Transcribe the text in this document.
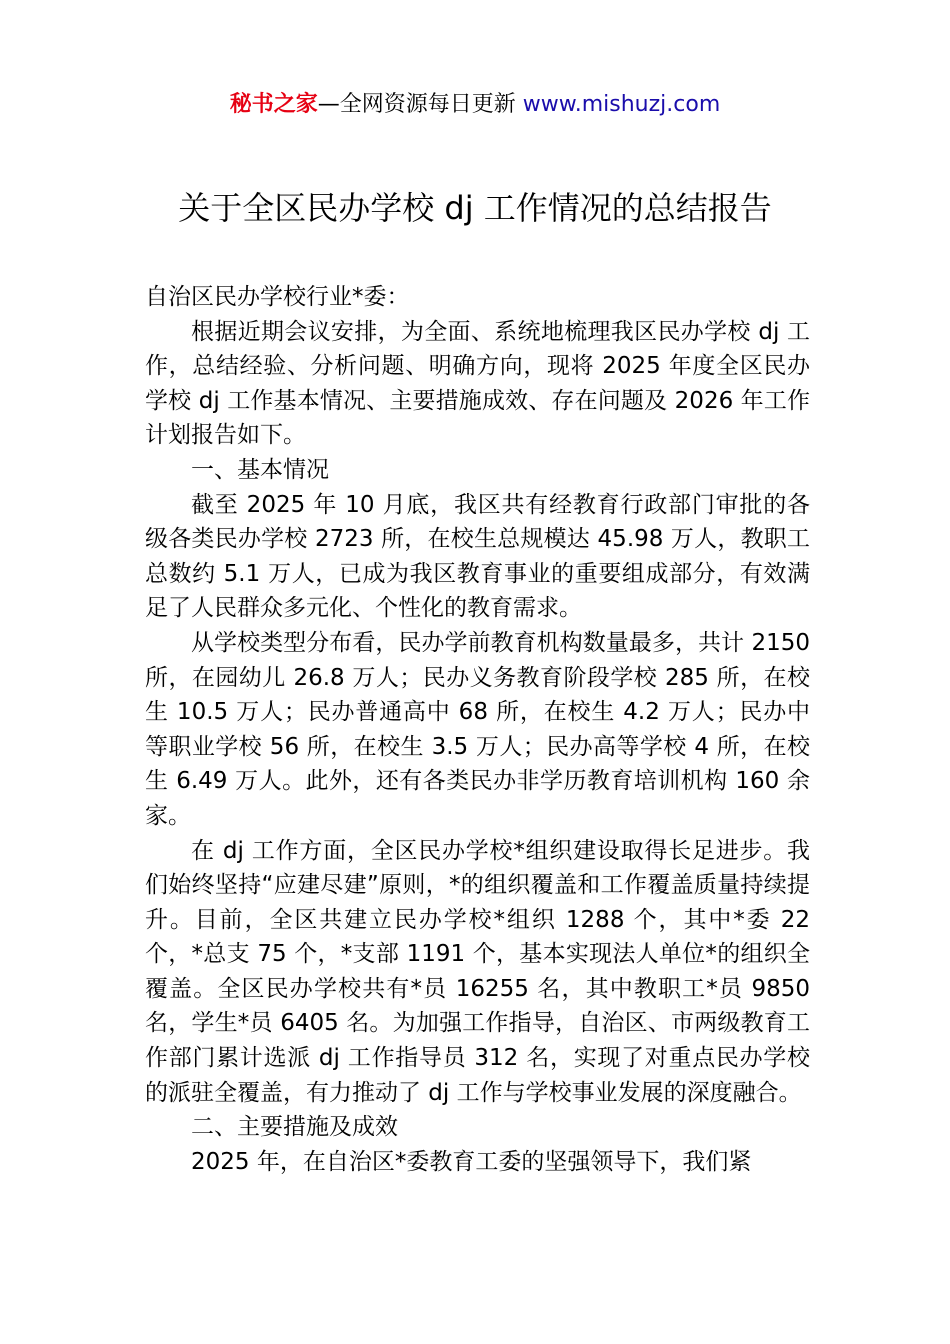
秘书之家—全网资源每日更新 www.mishuzj.com
关于全区民办学校 dj 工作情况的总结报告

自治区民办学校行业*委：

根据近期会议安排，为全面、系统地梳理我区民办学校 dj 工作，总结经验、分析问题、明确方向，现将 2025 年度全区民办学校 dj 工作基本情况、主要措施成效、存在问题及 2026 年工作计划报告如下。

一、基本情况

截至 2025 年 10 月底，我区共有经教育行政部门审批的各级各类民办学校 2723 所，在校生总规模达 45.98 万人，教职工总数约 5.1 万人，已成为我区教育事业的重要组成部分，有效满足了人民群众多元化、个性化的教育需求。

从学校类型分布看，民办学前教育机构数量最多，共计 2150 所，在园幼儿 26.8 万人；民办义务教育阶段学校 285 所，在校生 10.5 万人；民办普通高中 68 所，在校生 4.2 万人；民办中等职业学校 56 所，在校生 3.5 万人；民办高等学校 4 所，在校生 6.49 万人。此外，还有各类民办非学历教育培训机构 160 余家。

在 dj 工作方面，全区民办学校*组织建设取得长足进步。我们始终坚持“应建尽建”原则，*的组织覆盖和工作覆盖质量持续提升。目前，全区共建立民办学校*组织 1288 个，其中*委 22 个，*总支 75 个，*支部 1191 个，基本实现法人单位*的组织全覆盖。全区民办学校共有*员 16255 名，其中教职工*员 9850 名，学生*员 6405 名。为加强工作指导，自治区、市两级教育工作部门累计选派 dj 工作指导员 312 名，实现了对重点民办学校的派驻全覆盖，有力推动了 dj 工作与学校事业发展的深度融合。

二、主要措施及成效

2025 年，在自治区*委教育工委的坚强领导下，我们紧
